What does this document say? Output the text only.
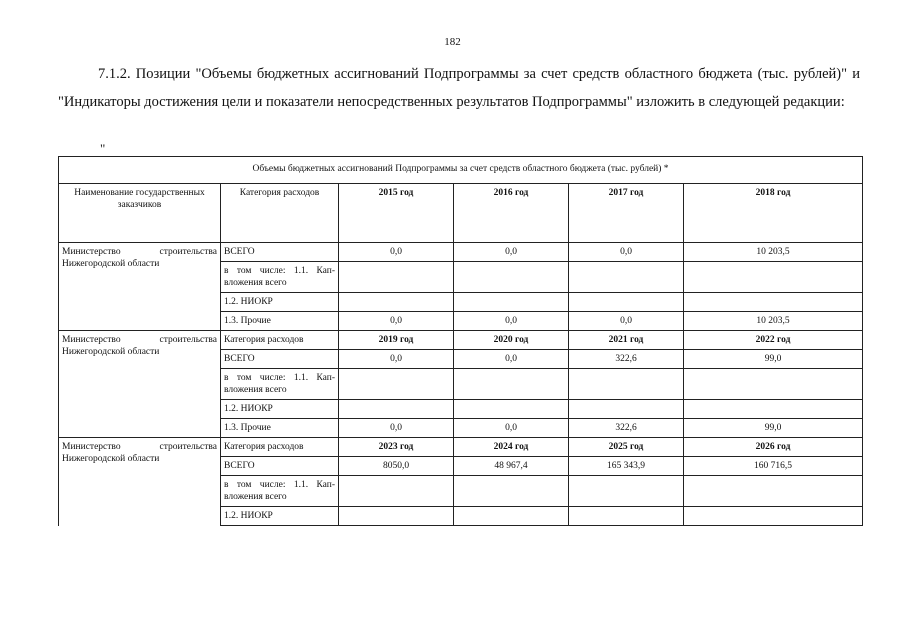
182
7.1.2. Позиции "Объемы бюджетных ассигнований Подпрограммы за счет средств областного бюджета (тыс. рублей)" и "Индикаторы достижения цели и показатели непосредственных результатов Подпрограммы" изложить в следующей редакции:
"
Объемы бюджетных ассигнований Подпрограммы за счет средств областного бюджета (тыс. рублей) *					
Наименование государственных заказчиков	Категория расходов	2015 год	2016 год	2017 год	2018 год

Министерство строительства Нижегородской области	ВСЕГО	0,0	0,0	0,0	10 203,5
	в том числе: 1.1. Кап-вложения всего				
	1.2. НИОКР				
	1.3. Прочие	0,0	0,0	0,0	10 203,5

Министерство строительства Нижегородской области	Категория расходов	2019 год	2020 год	2021 год	2022 год
	ВСЕГО	0,0	0,0	322,6	99,0
	в том числе: 1.1. Кап-вложения всего				
	1.2. НИОКР				
	1.3. Прочие	0,0	0,0	322,6	99,0

Министерство строительства Нижегородской области	Категория расходов	2023 год	2024 год	2025 год	2026 год
	ВСЕГО	8050,0	48 967,4	165 343,9	160 716,5
	в том числе: 1.1. Кап-вложения всего				
	1.2. НИОКР				
